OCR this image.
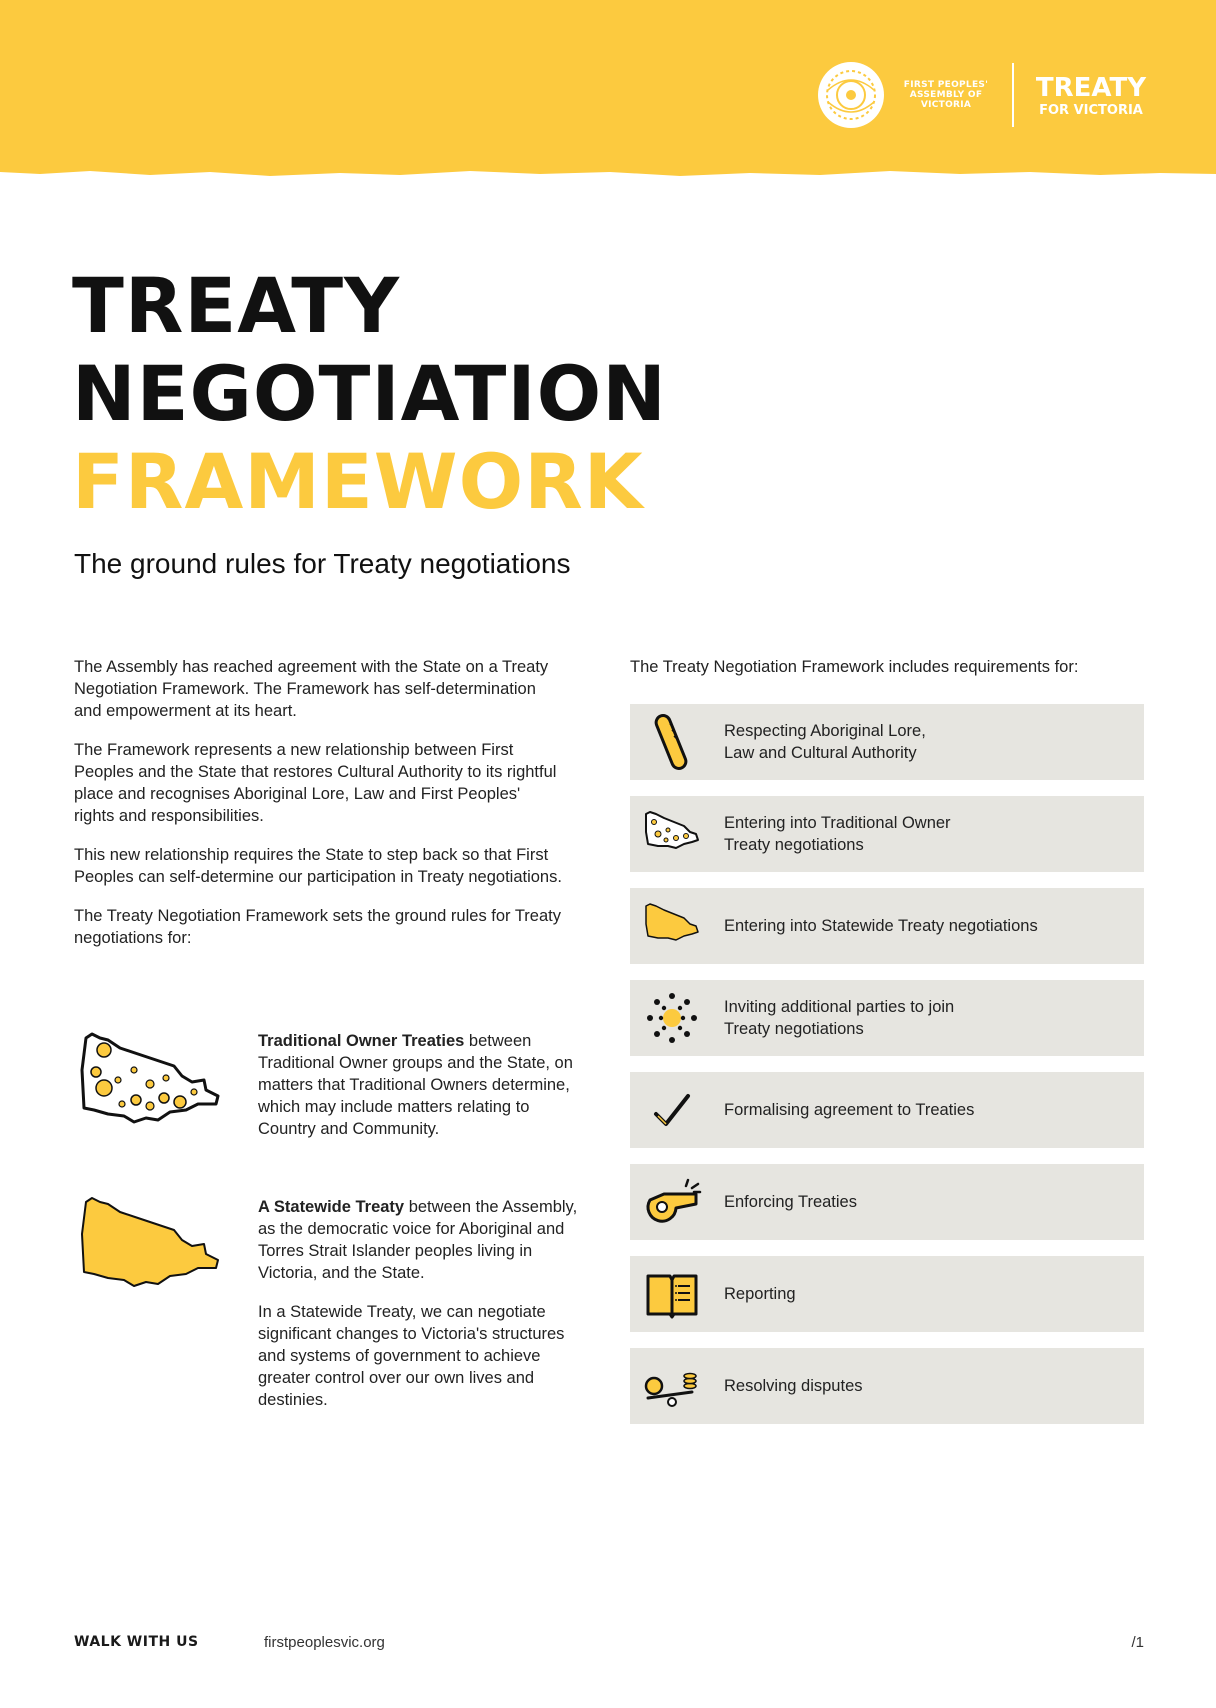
FIRST PEOPLES' ASSEMBLY OF VICTORIA
TREATY
FOR VICTORIA
TREATY
NEGOTIATION
FRAMEWORK
The ground rules for Treaty negotiations

The Assembly has reached agreement with the State on a Treaty Negotiation Framework. The Framework has self-determination and empowerment at its heart.

The Framework represents a new relationship between First Peoples and the State that restores Cultural Authority to its rightful place and recognises Aboriginal Lore, Law and First Peoples' rights and responsibilities.

This new relationship requires the State to step back so that First Peoples can self-determine our participation in Treaty negotiations.

The Treaty Negotiation Framework sets the ground rules for Treaty negotiations for:

Traditional Owner Treaties between Traditional Owner groups and the State, on matters that Traditional Owners determine, which may include matters relating to Country and Community.

A Statewide Treaty between the Assembly, as the democratic voice for Aboriginal and Torres Strait Islander peoples living in Victoria, and the State.

In a Statewide Treaty, we can negotiate significant changes to Victoria's structures and systems of government to achieve greater control over our own lives and destinies.

The Treaty Negotiation Framework includes requirements for:

Respecting Aboriginal Lore,
Law and Cultural Authority
Entering into Traditional Owner
Treaty negotiations
Entering into Statewide Treaty negotiations
Inviting additional parties to join
Treaty negotiations
Formalising agreement to Treaties
Enforcing Treaties
Reporting
Resolving disputes
WALK WITH US	firstpeoplesvic.org	/1
